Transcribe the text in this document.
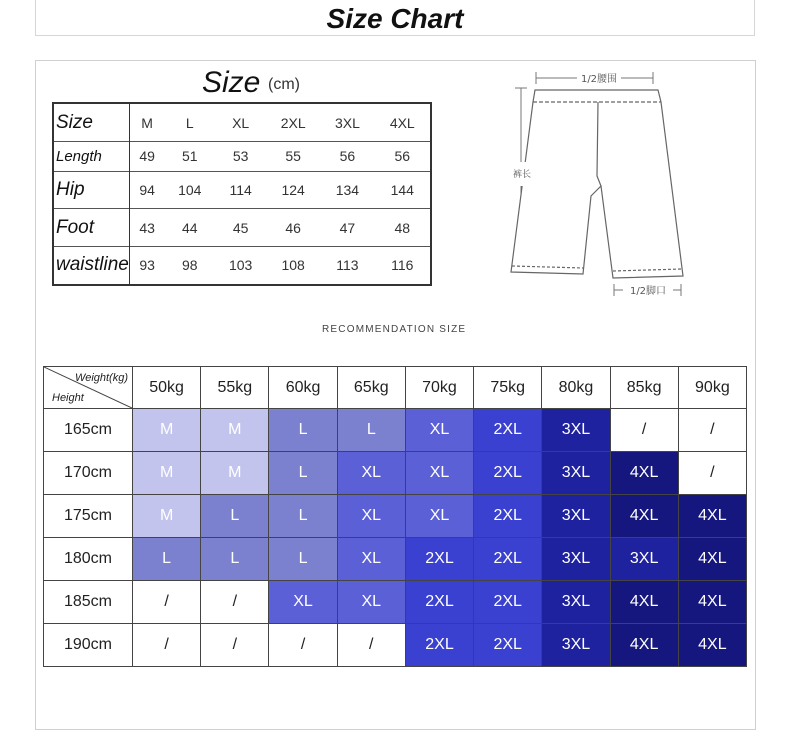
Size Chart
Size (cm)
Size	M	L	XL	2XL	3XL	4XL
Length	49	51	53	55	56	56
Hip	94	104	114	124	134	144
Foot	43	44	45	46	47	48
waistline	93	98	103	108	113	116
1/2腰围
裤长
1/2脚口
RECOMMENDATION SIZE
Weight(kg)
Height	50kg	55kg	60kg	65kg	70kg	75kg	80kg	85kg	90kg
165cm	M	M	L	L	XL	2XL	3XL	/	/
170cm	M	M	L	XL	XL	2XL	3XL	4XL	/
175cm	M	L	L	XL	XL	2XL	3XL	4XL	4XL
180cm	L	L	L	XL	2XL	2XL	3XL	3XL	4XL
185cm	/	/	XL	XL	2XL	2XL	3XL	4XL	4XL
190cm	/	/	/	/	2XL	2XL	3XL	4XL	4XL
